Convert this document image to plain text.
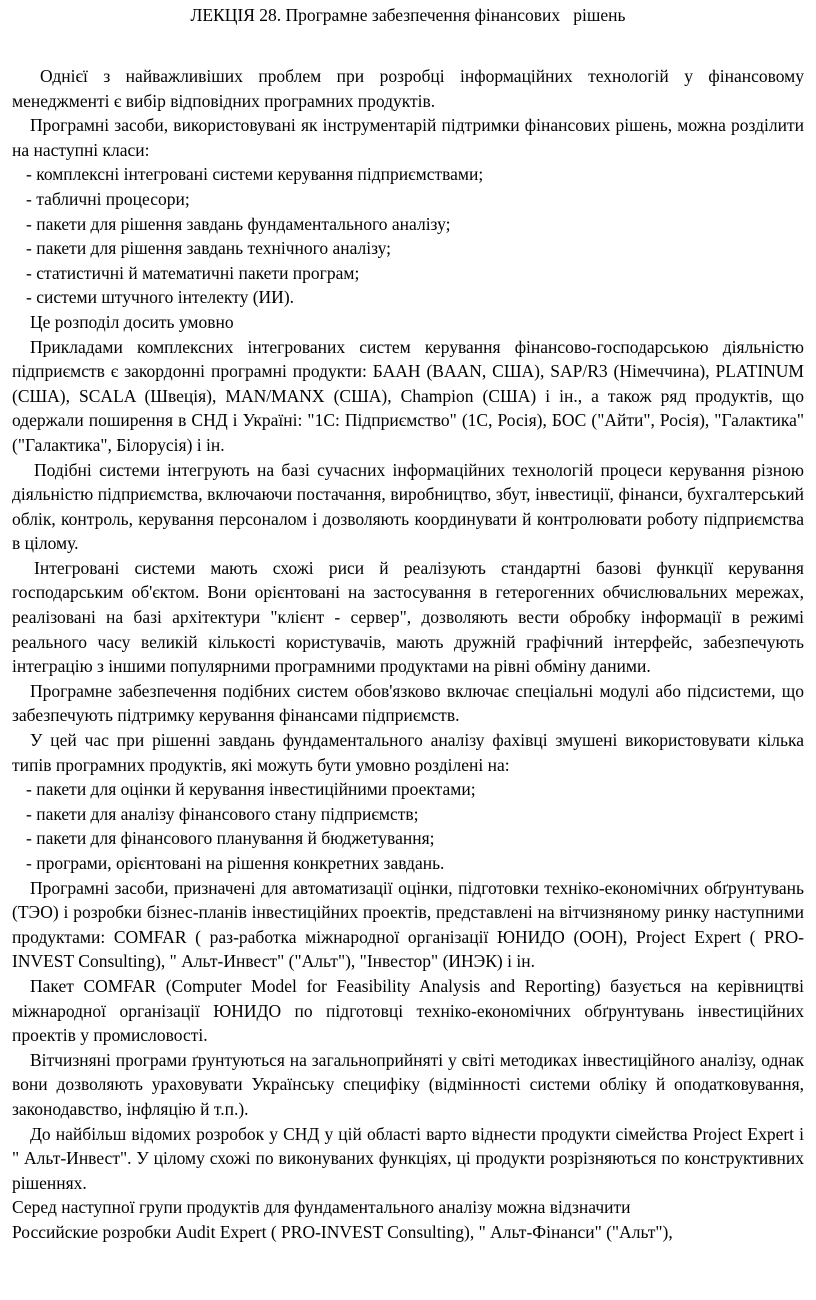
ЛЕКЦІЯ 28. Програмне забезпечення фінансових   рішень

Однієї з найважливіших проблем при розробці інформаційних технологій у фінансовому менеджменті є вибір відповідних програмних продуктів.

Програмні засоби, використовувані як інструментарій підтримки фінансових рішень, можна розділити на наступні класи:

- комплексні інтегровані системи керування підприємствами;

- табличні процесори;

- пакети для рішення завдань фундаментального аналізу;

- пакети для рішення завдань технічного аналізу;

- статистичні й математичні пакети програм;

- системи штучного інтелекту (ИИ).

Це розподіл досить умовно

Прикладами комплексних інтегрованих систем керування фінансово-господарською діяльністю підприємств є закордонні програмні продукти: БААН (BAAN, США), SAP/R3 (Німеччина), PLATINUM (США), SCALA (Швеція), MAN/MANX (США), Champion (США) і ін., а також ряд продуктів, що одержали поширення в СНД і Україні: "1С: Підприємство" (1С, Росія), БОС ("Айти", Росія), "Галактика" ("Галактика", Білорусія) і ін.

Подібні системи інтегрують на базі сучасних інформаційних технологій процеси керування різною діяльністю підприємства, включаючи постачання, виробництво, збут, інвестиції, фінанси, бухгалтерський облік, контроль, керування персоналом і дозволяють координувати й контролювати роботу підприємства в цілому.

Інтегровані системи мають схожі риси й реалізують стандартні базові функції керування господарським об'єктом. Вони орієнтовані на застосування в гетерогенних обчислювальних мережах, реалізовані на базі архітектури "клієнт - сервер", дозволяють вести обробку інформації в режимі реального часу великій кількості користувачів, мають дружній графічний інтерфейс, забезпечують інтеграцію з іншими популярними програмними продуктами на рівні обміну даними.

Програмне забезпечення подібних систем обов'язково включає спеціальні модулі або підсистеми, що забезпечують підтримку керування фінансами підприємств.

У цей час при рішенні завдань фундаментального аналізу фахівці змушені використовувати кілька типів програмних продуктів, які можуть бути умовно розділені на:

- пакети для оцінки й керування інвестиційними проектами;

- пакети для аналізу фінансового стану підприємств;

- пакети для фінансового планування й бюджетування;

- програми, орієнтовані на рішення конкретних завдань.

Програмні засоби, призначені для автоматизації оцінки, підготовки техніко-економічних обґрунтувань (ТЭО) і розробки бізнес-планів інвестиційних проектів, представлені на вітчизняному ринку наступними продуктами: COMFAR ( раз-работка міжнародної організації ЮНИДО (ООН), Project Expert ( PRO-INVEST Consulting), " Альт-Инвест" ("Альт"), "Інвестор" (ИНЭК) і ін.

Пакет COMFAR (Computer Model for Feasibility Analysis and Reporting) базується на керівництві міжнародної організації ЮНИДО по підготовці техніко-економічних обґрунтувань інвестиційних проектів у промисловості.

Вітчизняні програми ґрунтуються на загальноприйняті у світі методиках інвестиційного аналізу, однак вони дозволяють ураховувати Українську специфіку (відмінності системи обліку й оподатковування, законодавство, інфляцію й т.п.).

До найбільш відомих розробок у СНД у цій області варто віднести продукти сімейства Project Expert і " Альт-Инвест". У цілому схожі по виконуваних функціях, ці продукти розрізняються по конструктивних рішеннях.

Серед наступної групи продуктів для фундаментального аналізу можна відзначити

Российские розробки Audit Expert ( PRO-INVEST Consulting), " Альт-Фінанси" ("Альт"),
